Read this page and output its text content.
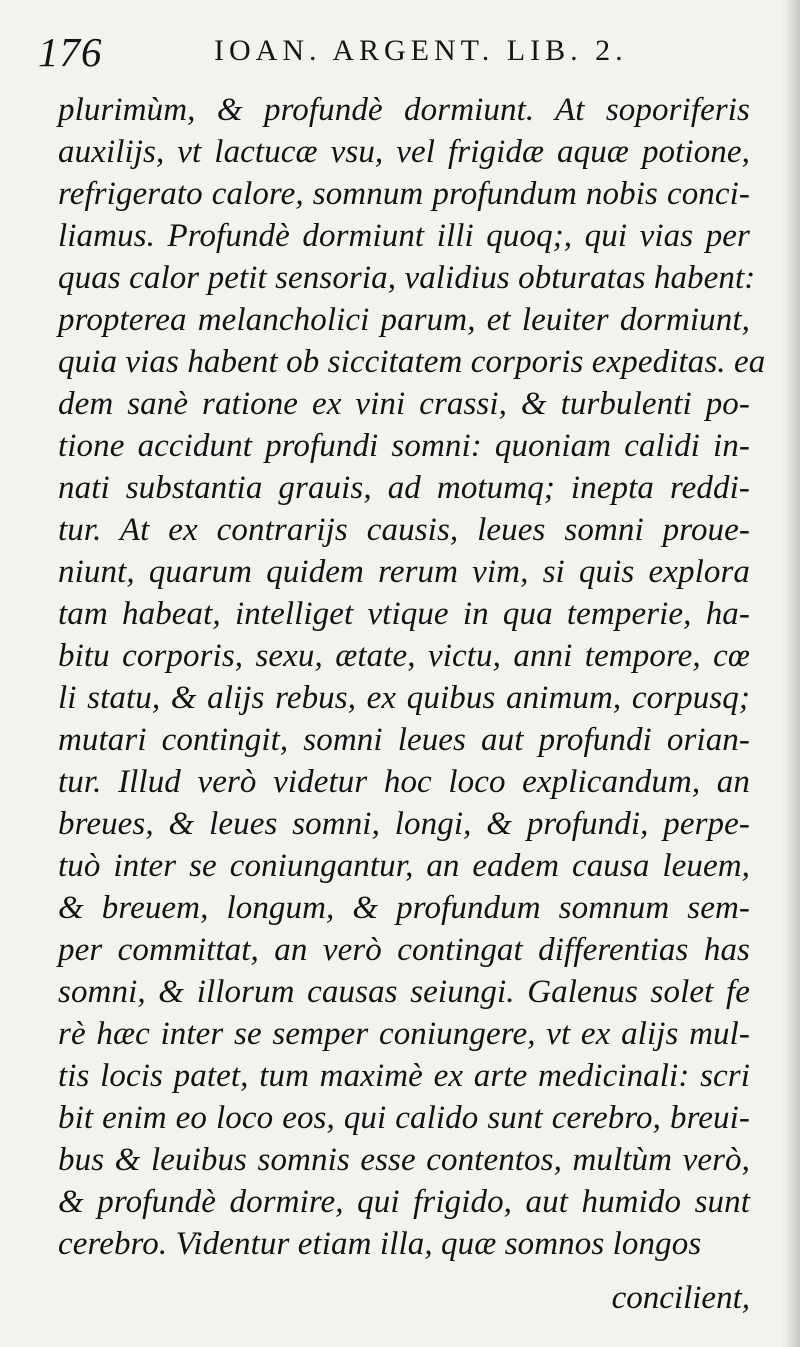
176	IOAN. ARGENT. LIB. 2.
plurimùm, & profundè dormiunt. At soporiferis
auxilijs, vt lactucæ vsu, vel frigidæ aquæ potione,
refrigerato calore, somnum profundum nobis conci-
liamus. Profundè dormiunt illi quoq;, qui vias per
quas calor petit sensoria, validius obturatas habent:
propterea melancholici parum, et leuiter dormiunt,
quia vias habent ob siccitatem corporis expeditas. ea
dem sanè ratione ex vini crassi, & turbulenti po-
tione accidunt profundi somni: quoniam calidi in-
nati substantia grauis, ad motumq; inepta reddi-
tur. At ex contrarijs causis, leues somni proue-
niunt, quarum quidem rerum vim, si quis explora
tam habeat, intelliget vtique in qua temperie, ha-
bitu corporis, sexu, ætate, victu, anni tempore, cœ
li statu, & alijs rebus, ex quibus animum, corpusq;
mutari contingit, somni leues aut profundi orian-
tur. Illud verò videtur hoc loco explicandum, an
breues, & leues somni, longi, & profundi, perpe-
tuò inter se coniungantur, an eadem causa leuem,
& breuem, longum, & profundum somnum sem-
per committat, an verò contingat differentias has
somni, & illorum causas seiungi. Galenus solet fe
rè hæc inter se semper coniungere, vt ex alijs mul-
tis locis patet, tum maximè ex arte medicinali: scri
bit enim eo loco eos, qui calido sunt cerebro, breui-
bus & leuibus somnis esse contentos, multùm verò,
& profundè dormire, qui frigido, aut humido sunt
cerebro. Videntur etiam illa, quæ somnos longos
concilient,
